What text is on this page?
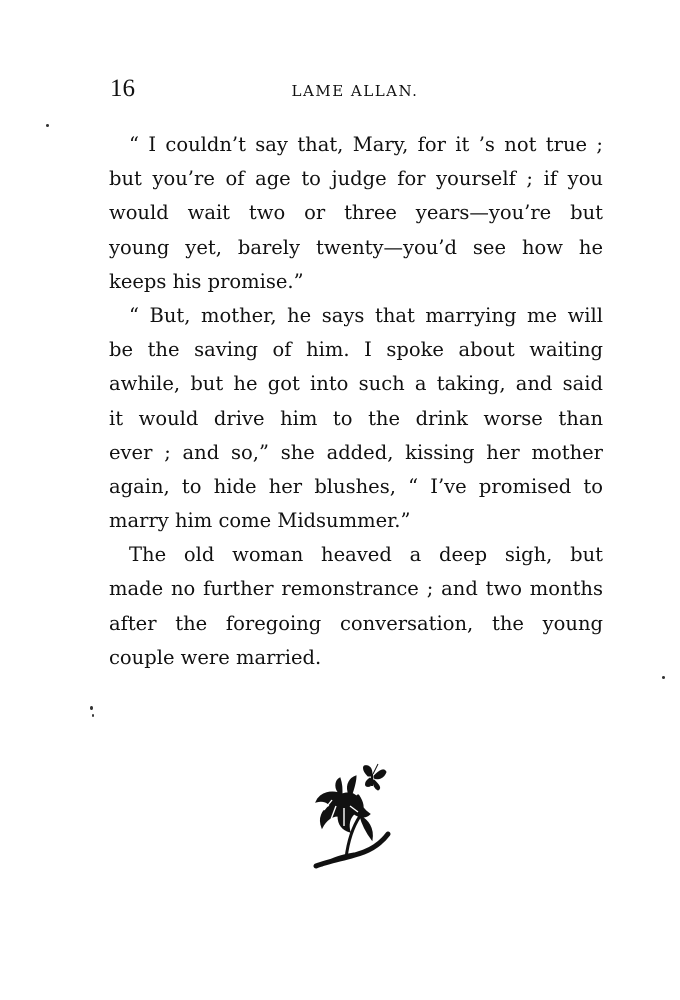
16	LAME ALLAN.
“ I couldn’t say that, Mary, for it ’s not true ;
but you’re of age to judge for yourself ; if you
would wait two or three years—you’re but
young yet, barely twenty—you’d see how he
keeps his promise.”
“ But, mother, he says that marrying me will
be the saving of him. I spoke about waiting
awhile, but he got into such a taking, and said
it would drive him to the drink worse than
ever ; and so,” she added, kissing her mother
again, to hide her blushes, “ I’ve promised to
marry him come Midsummer.”
The old woman heaved a deep sigh, but
made no further remonstrance ; and two months
after the foregoing conversation, the young
couple were married.
